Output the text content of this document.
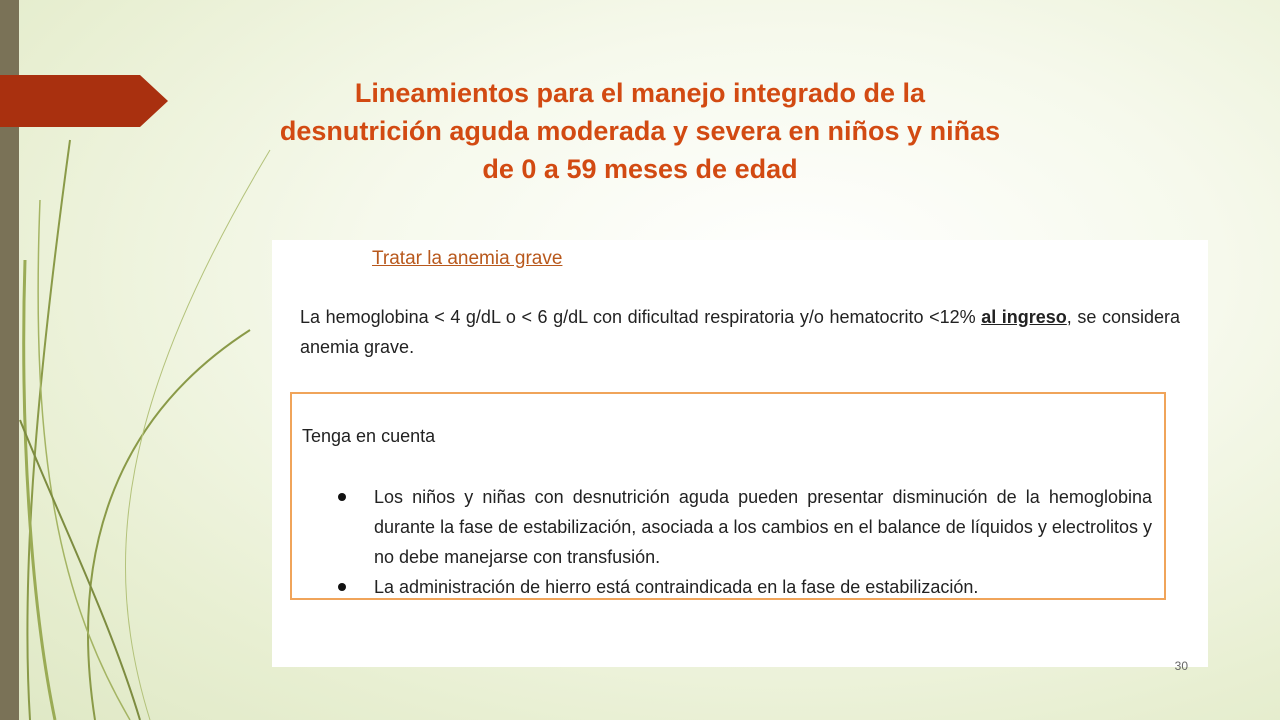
Lineamientos para el manejo integrado de la
desnutrición aguda moderada y severa en niños y niñas
de 0 a 59 meses de edad
Tratar la anemia grave
La hemoglobina < 4 g/dL o < 6 g/dL con dificultad respiratoria y/o hematocrito <12% al ingreso, se considera anemia grave.
Tenga en cuenta
Los niños y niñas con desnutrición aguda pueden presentar disminución de la hemoglobina durante la fase de estabilización, asociada a los cambios en el balance de líquidos y electrolitos y no debe manejarse con transfusión.
La administración de hierro está contraindicada en la fase de estabilización.
30
